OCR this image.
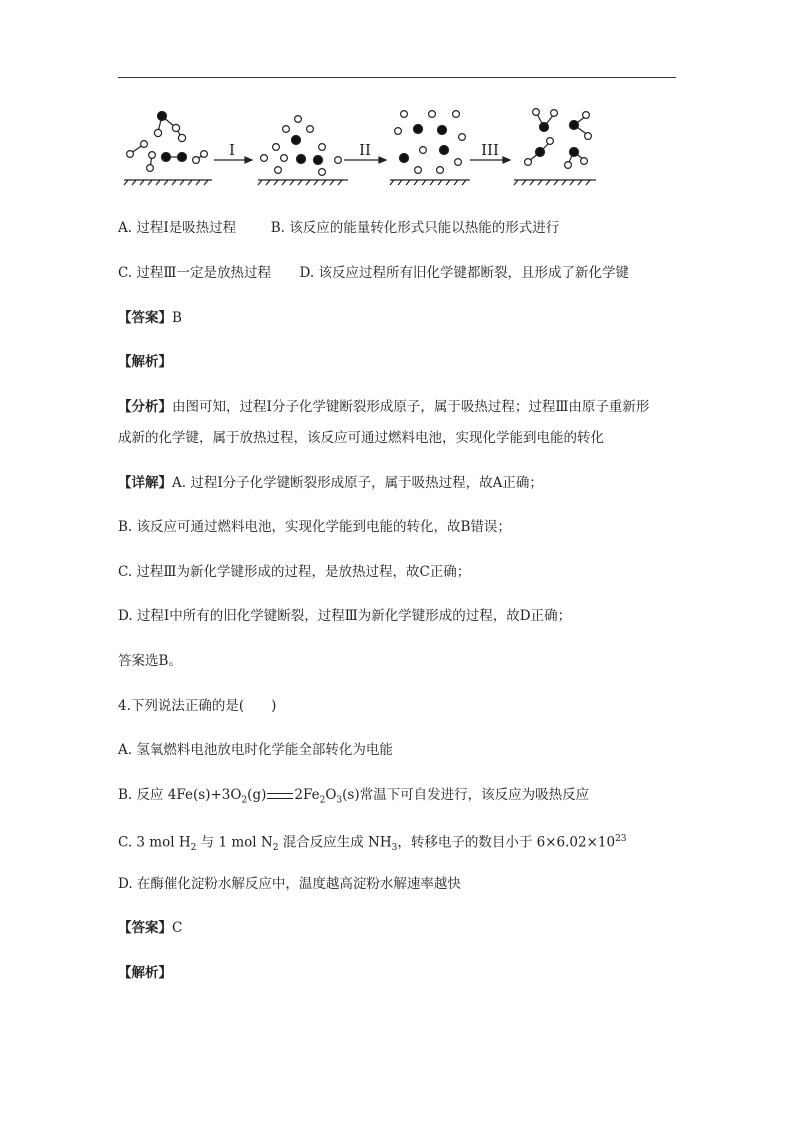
I	II	III
A. 过程Ⅰ是吸热过程	B. 该反应的能量转化形式只能以热能的形式进行
C. 过程Ⅲ一定是放热过程 D. 该反应过程所有旧化学键都断裂，且形成了新化学键
【答案】B
【解析】
【分析】由图可知，过程Ⅰ分子化学键断裂形成原子，属于吸热过程；过程Ⅲ由原子重新形
成新的化学键，属于放热过程，该反应可通过燃料电池，实现化学能到电能的转化
【详解】A. 过程Ⅰ分子化学键断裂形成原子，属于吸热过程，故A正确；
B. 该反应可通过燃料电池，实现化学能到电能的转化，故B错误；
C. 过程Ⅲ为新化学键形成的过程，是放热过程，故C正确；
D. 过程Ⅰ中所有的旧化学键断裂，过程Ⅲ为新化学键形成的过程，故D正确；
答案选B。
4.下列说法正确的是(　　)
A. 氢氧燃料电池放电时化学能全部转化为电能
B. 反应 $4Fe(s)+3O_2(g)$ $2Fe_2O_3(s)$常温下可自发进行，该反应为吸热反应
C. 3 mol $H_2$ 与 1 mol $N_2$ 混合反应生成 $NH_3$，转移电子的数目小于 $6\times 6.02\times 10^{23}$
D. 在酶催化淀粉水解反应中，温度越高淀粉水解速率越快
【答案】C
【解析】
